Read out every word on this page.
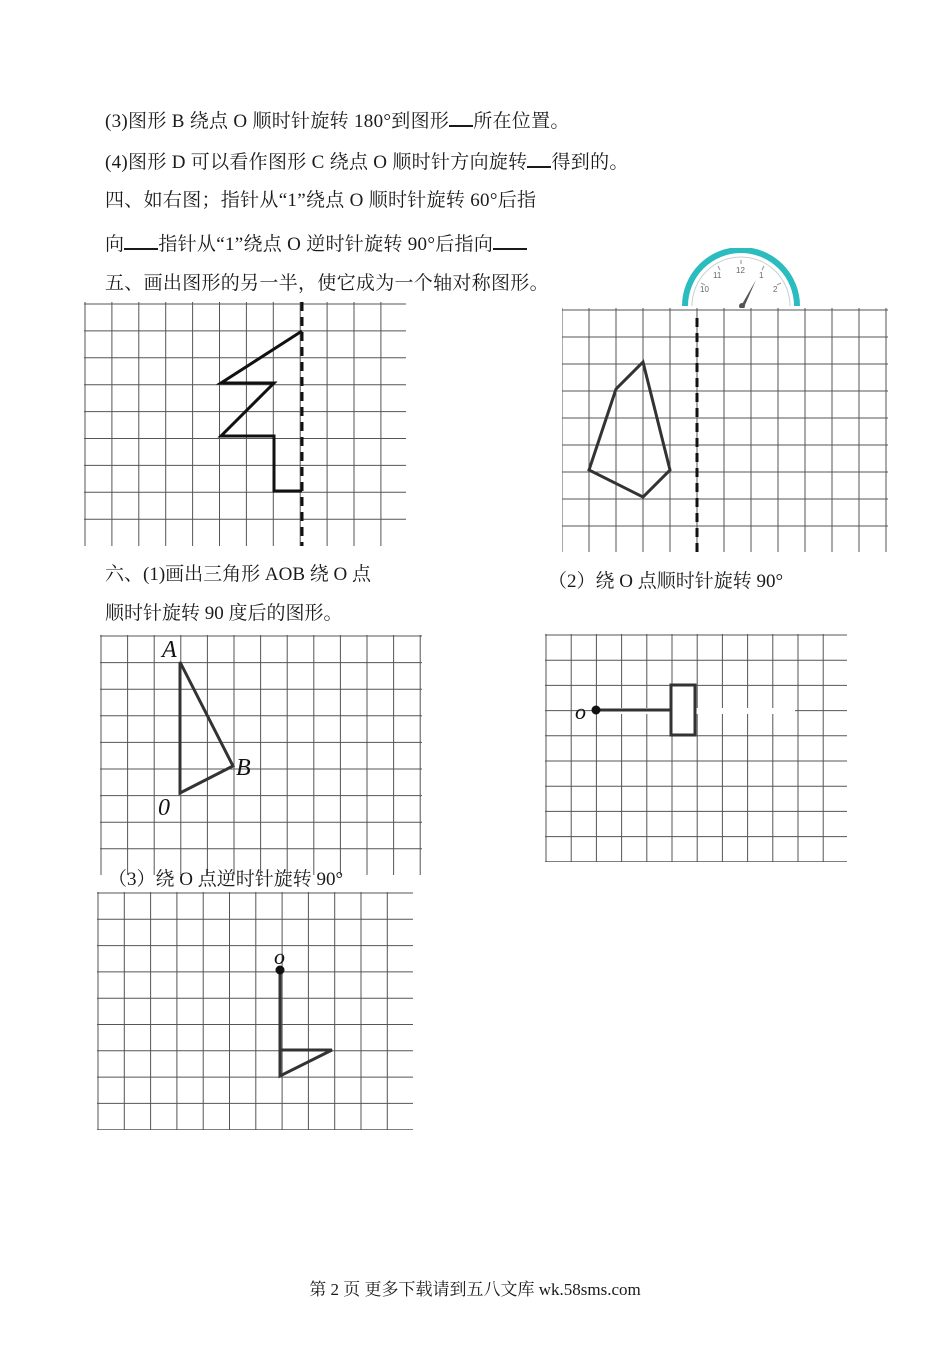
(3)图形 B 绕点 O 顺时针旋转 180°到图形 所在位置。
(4)图形 D 可以看作图形 C 绕点 O 顺时针方向旋转 得到的。
四、如右图；指针从“1”绕点 O 顺时针旋转 60°后指
向 指针从“1”绕点 O 逆时针旋转 90°后指向
五、画出图形的另一半，使它成为一个轴对称图形。
12
1
2
11
10
六、(1)画出三角形 AOB 绕 O 点
顺时针旋转 90 度后的图形。
（2）绕 O 点顺时针旋转 90°
A
B
0
o
（3）绕 O 点逆时针旋转 90°
o
第 2 页 更多下载请到五八文库 wk.58sms.com
